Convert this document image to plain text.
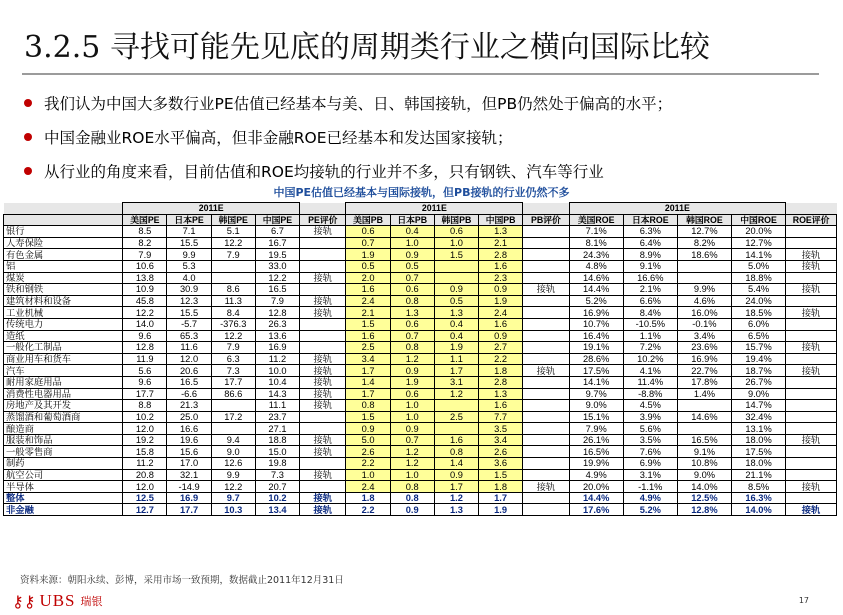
3.2.5 寻找可能先见底的周期类行业之横向国际比较
我们认为中国大多数行业PE估值已经基本与美、日、韩国接轨，但PB仍然处于偏高的水平；
中国金融业ROE水平偏高，但非金融ROE已经基本和发达国家接轨；
从行业的角度来看，目前估值和ROE均接轨的行业并不多，只有钢铁、汽车等行业
中国PE估值已经基本与国际接轨，但PB接轨的行业仍然不多
	2011E					2011E					2011E				
	美国PE	日本PE	韩国PE	中国PE	PE评价	美国PB	日本PB	韩国PB	中国PB	PB评价	美国ROE	日本ROE	韩国ROE	中国ROE	ROE评价
银行	8.5	7.1	5.1	6.7	接轨	0.6	0.4	0.6	1.3		7.1%	6.3%	12.7%	20.0%	
人寿保险	8.2	15.5	12.2	16.7		0.7	1.0	1.0	2.1		8.1%	6.4%	8.2%	12.7%	
有色金属	7.9	9.9	7.9	19.5		1.9	0.9	1.5	2.8		24.3%	8.9%	18.6%	14.1%	接轨
铝	10.6	5.3		33.0		0.5	0.5		1.6		4.8%	9.1%		5.0%	接轨
煤炭	13.8	4.0		12.2	接轨	2.0	0.7		2.3		14.6%	16.6%		18.8%	
铁和钢铁	10.9	30.9	8.6	16.5		1.6	0.6	0.9	0.9	接轨	14.4%	2.1%	9.9%	5.4%	接轨
建筑材料和设备	45.8	12.3	11.3	7.9	接轨	2.4	0.8	0.5	1.9		5.2%	6.6%	4.6%	24.0%	
工业机械	12.2	15.5	8.4	12.8	接轨	2.1	1.3	1.3	2.4		16.9%	8.4%	16.0%	18.5%	接轨
传统电力	14.0	-5.7	-376.3	26.3		1.5	0.6	0.4	1.6		10.7%	-10.5%	-0.1%	6.0%	
造纸	9.6	65.3	12.2	13.6		1.6	0.7	0.4	0.9		16.4%	1.1%	3.4%	6.5%	
一般化工制品	12.8	11.6	7.9	16.9		2.5	0.8	1.9	2.7		19.1%	7.2%	23.6%	15.7%	接轨
商业用车和货车	11.9	12.0	6.3	11.2	接轨	3.4	1.2	1.1	2.2		28.6%	10.2%	16.9%	19.4%	
汽车	5.6	20.6	7.3	10.0	接轨	1.7	0.9	1.7	1.8	接轨	17.5%	4.1%	22.7%	18.7%	接轨
耐用家庭用品	9.6	16.5	17.7	10.4	接轨	1.4	1.9	3.1	2.8		14.1%	11.4%	17.8%	26.7%	
消费性电器用品	17.7	-6.6	86.6	14.3	接轨	1.7	0.6	1.2	1.3		9.7%	-8.8%	1.4%	9.0%	
房地产及其开发	8.8	21.3		11.1	接轨	0.8	1.0		1.6		9.0%	4.5%		14.7%	
蒸馏酒和葡萄酒商	10.2	25.0	17.2	23.7		1.5	1.0	2.5	7.7		15.1%	3.9%	14.6%	32.4%	
酿造商	12.0	16.6		27.1		0.9	0.9		3.5		7.9%	5.6%		13.1%	
服装和饰品	19.2	19.6	9.4	18.8	接轨	5.0	0.7	1.6	3.4		26.1%	3.5%	16.5%	18.0%	接轨
一般零售商	15.8	15.6	9.0	15.0	接轨	2.6	1.2	0.8	2.6		16.5%	7.6%	9.1%	17.5%	
制药	11.2	17.0	12.6	19.8		2.2	1.2	1.4	3.6		19.9%	6.9%	10.8%	18.0%	
航空公司	20.8	32.1	9.9	7.3	接轨	1.0	1.0	0.9	1.5		4.9%	3.1%	9.0%	21.1%	
半导体	12.0	-14.9	12.2	20.7		2.4	0.8	1.7	1.8	接轨	20.0%	-1.1%	14.0%	8.5%	接轨
整体	12.5	16.9	9.7	10.2	接轨	1.8	0.8	1.2	1.7		14.4%	4.9%	12.5%	16.3%	
非金融	12.7	17.7	10.3	13.4	接轨	2.2	0.9	1.3	1.9		17.6%	5.2%	12.8%	14.0%	接轨
资料来源：朝阳永续、彭博，采用市场一致预期，数据截止2011年12月31日
⚷⚷ UBS 瑞银	17
